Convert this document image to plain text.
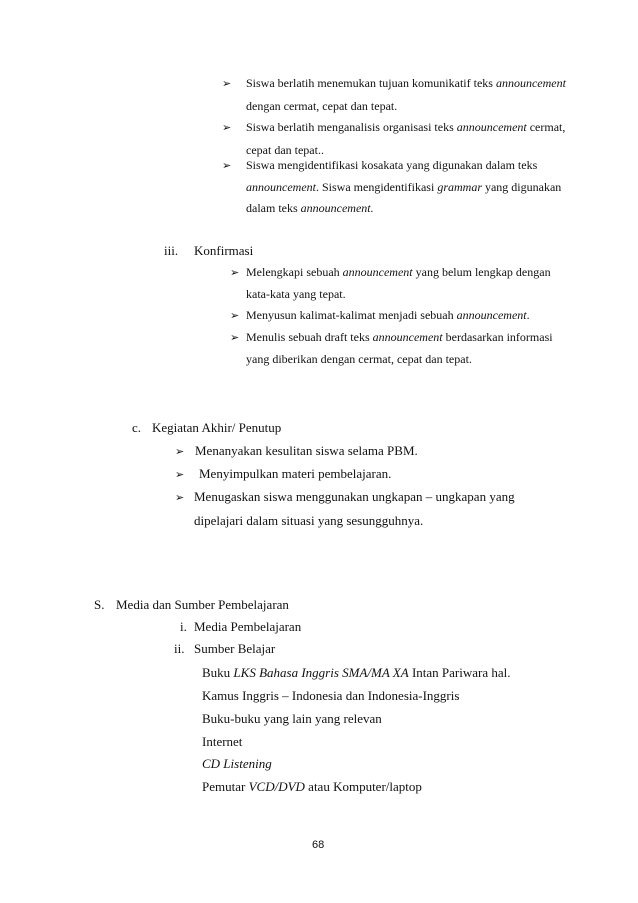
➢ Siswa berlatih menemukan tujuan komunikatif teks announcement
dengan cermat, cepat dan tepat.
➢ Siswa berlatih menganalisis organisasi teks announcement cermat,
cepat dan tepat..
➢ Siswa mengidentifikasi kosakata yang digunakan dalam teks
announcement. Siswa mengidentifikasi grammar yang digunakan
dalam teks announcement.
iii. Konfirmasi
➢ Melengkapi sebuah announcement yang belum lengkap dengan
kata-kata yang tepat.
➢ Menyusun kalimat-kalimat menjadi sebuah announcement.
➢ Menulis sebuah draft teks announcement berdasarkan informasi
yang diberikan dengan cermat, cepat dan tepat.
c. Kegiatan Akhir/ Penutup
➢ Menanyakan kesulitan siswa selama PBM.
➢ Menyimpulkan materi pembelajaran.
➢ Menugaskan siswa menggunakan ungkapan – ungkapan yang
dipelajari dalam situasi yang sesungguhnya.
S. Media dan Sumber Pembelajaran
i. Media Pembelajaran
ii. Sumber Belajar
Buku LKS Bahasa Inggris SMA/MA XA Intan Pariwara hal.
Kamus Inggris – Indonesia dan Indonesia-Inggris
Buku-buku yang lain yang relevan
Internet
CD Listening
Pemutar VCD/DVD atau Komputer/laptop
68
